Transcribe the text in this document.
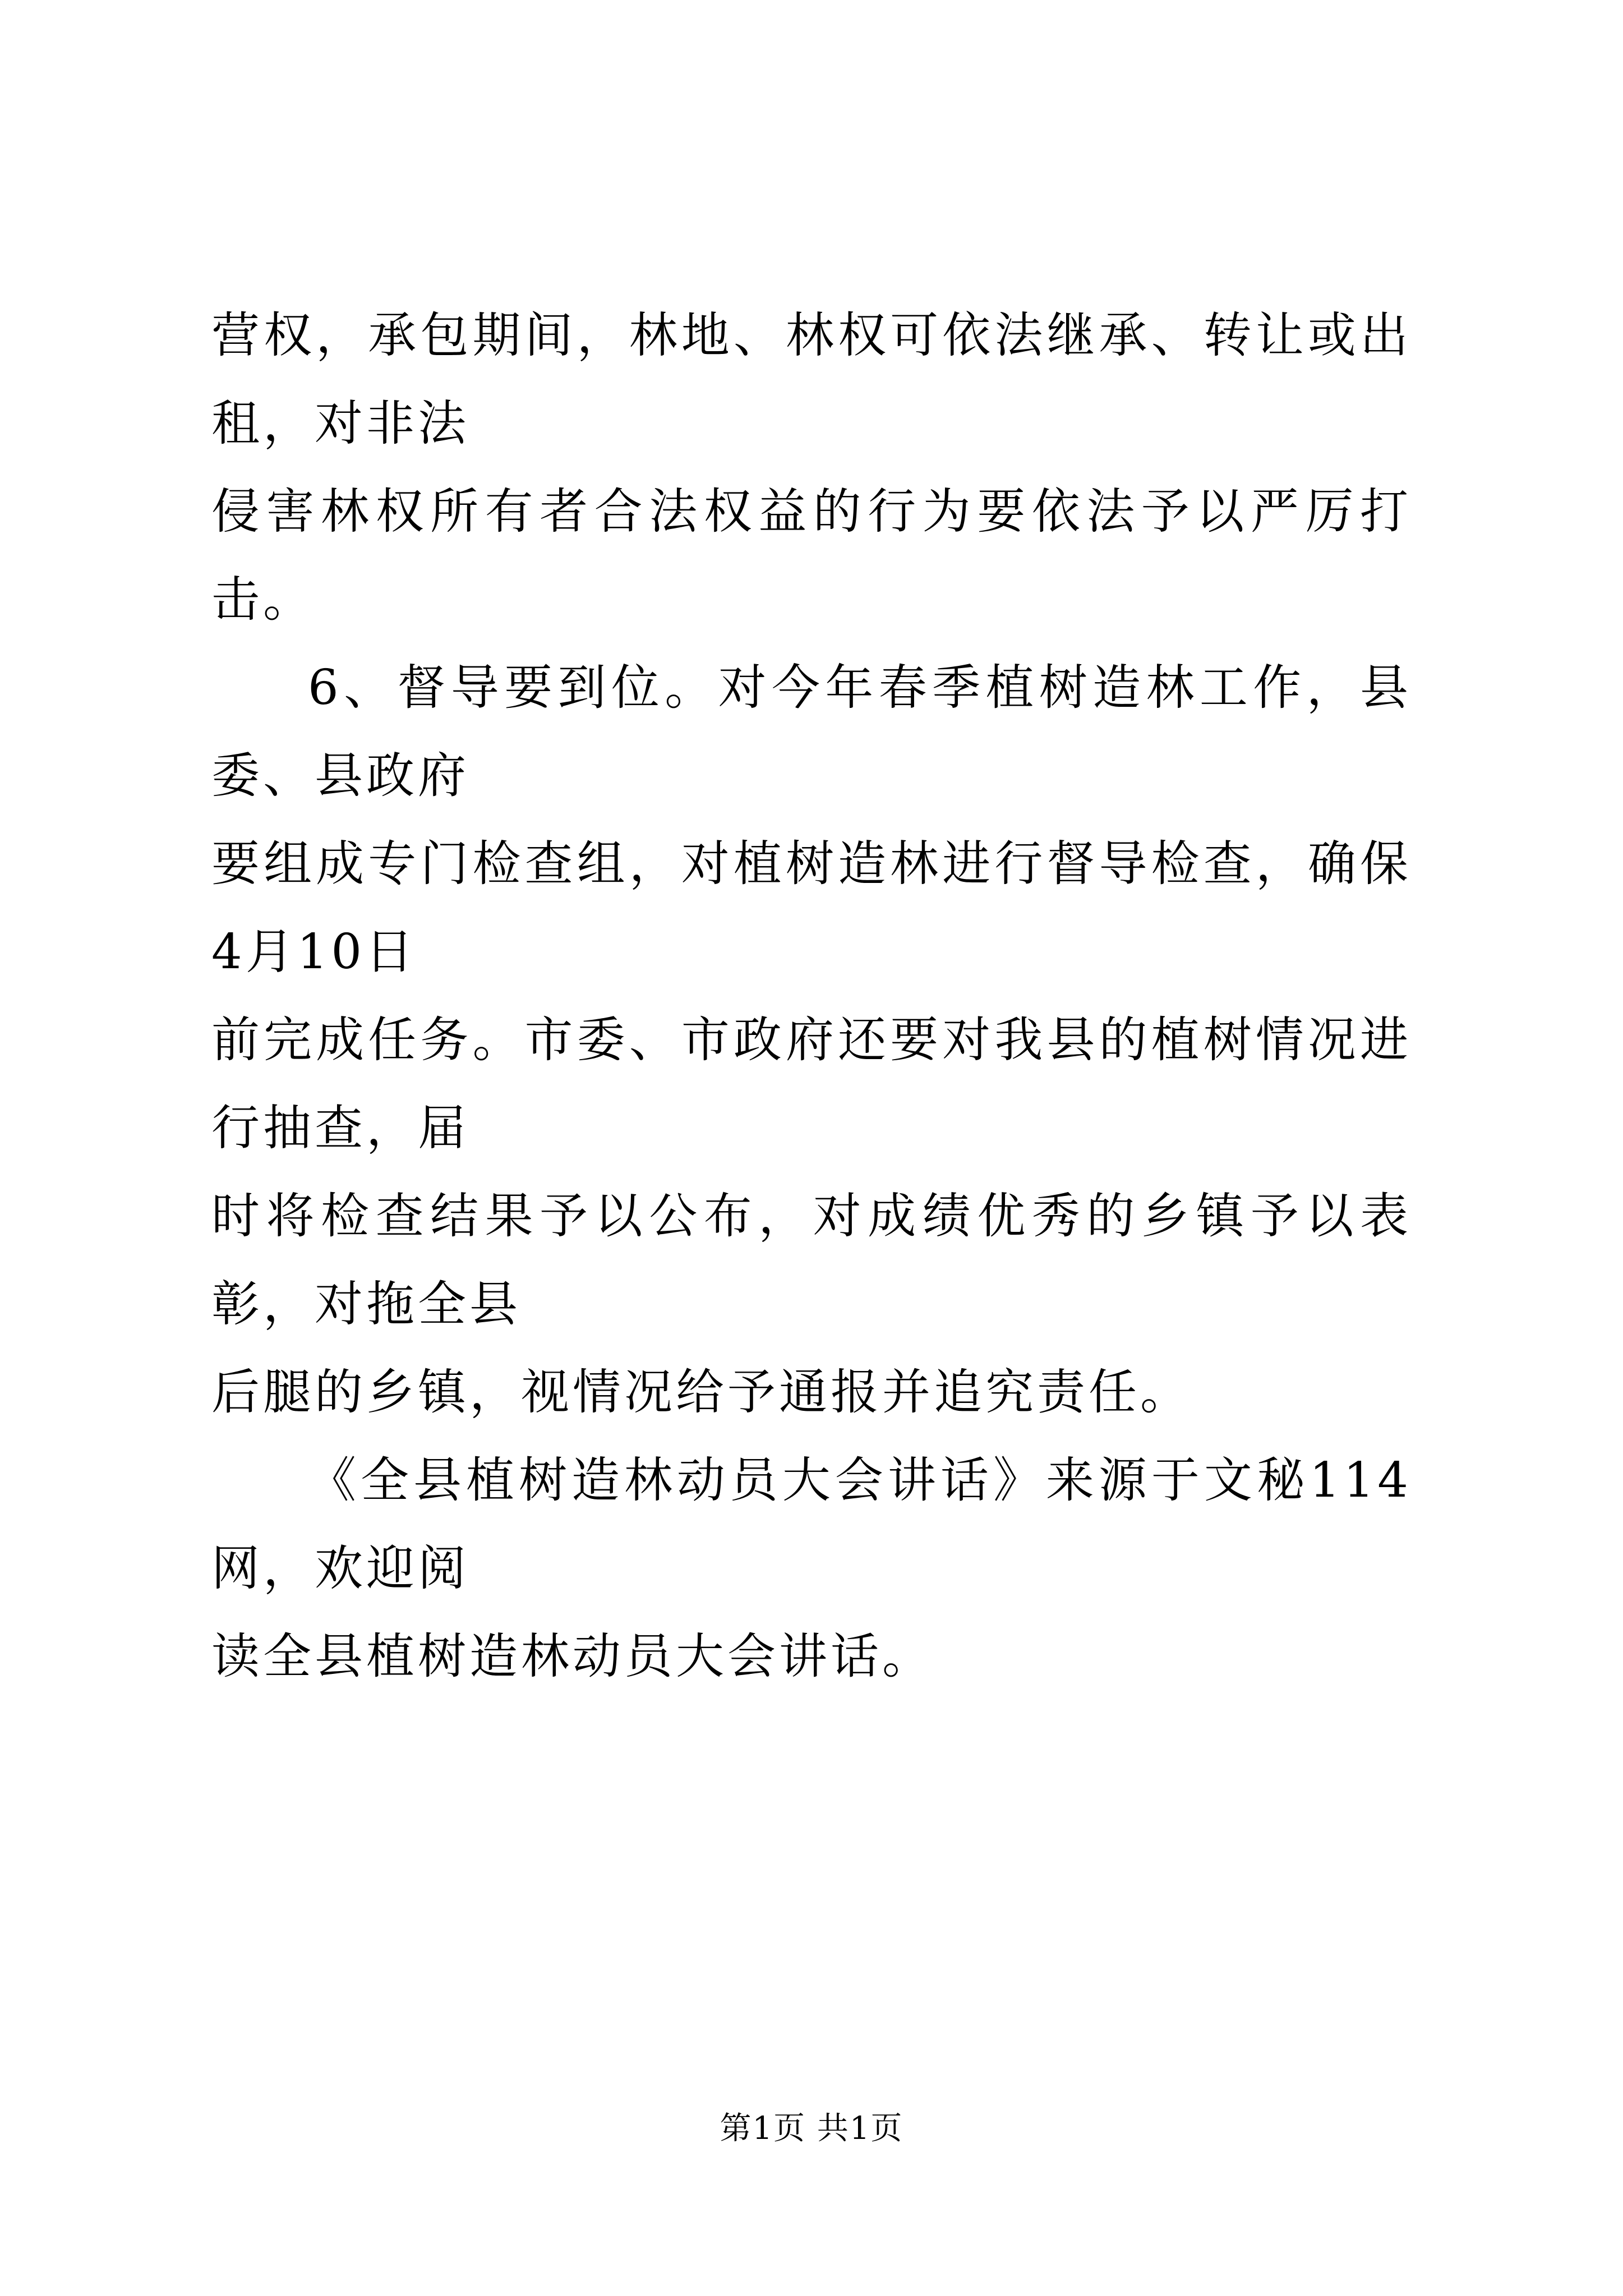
营权，承包期间，林地、林权可依法继承、转让或出租，对非法
侵害林权所有者合法权益的行为要依法予以严厉打击。

6、督导要到位。对今年春季植树造林工作，县委、县政府
要组成专门检查组，对植树造林进行督导检查，确保4月10日
前完成任务。市委、市政府还要对我县的植树情况进行抽查，届
时将检查结果予以公布，对成绩优秀的乡镇予以表彰，对拖全县
后腿的乡镇，视情况给予通报并追究责任。

《全县植树造林动员大会讲话》来源于文秘114网，欢迎阅
读全县植树造林动员大会讲话。

第1页 共1页
